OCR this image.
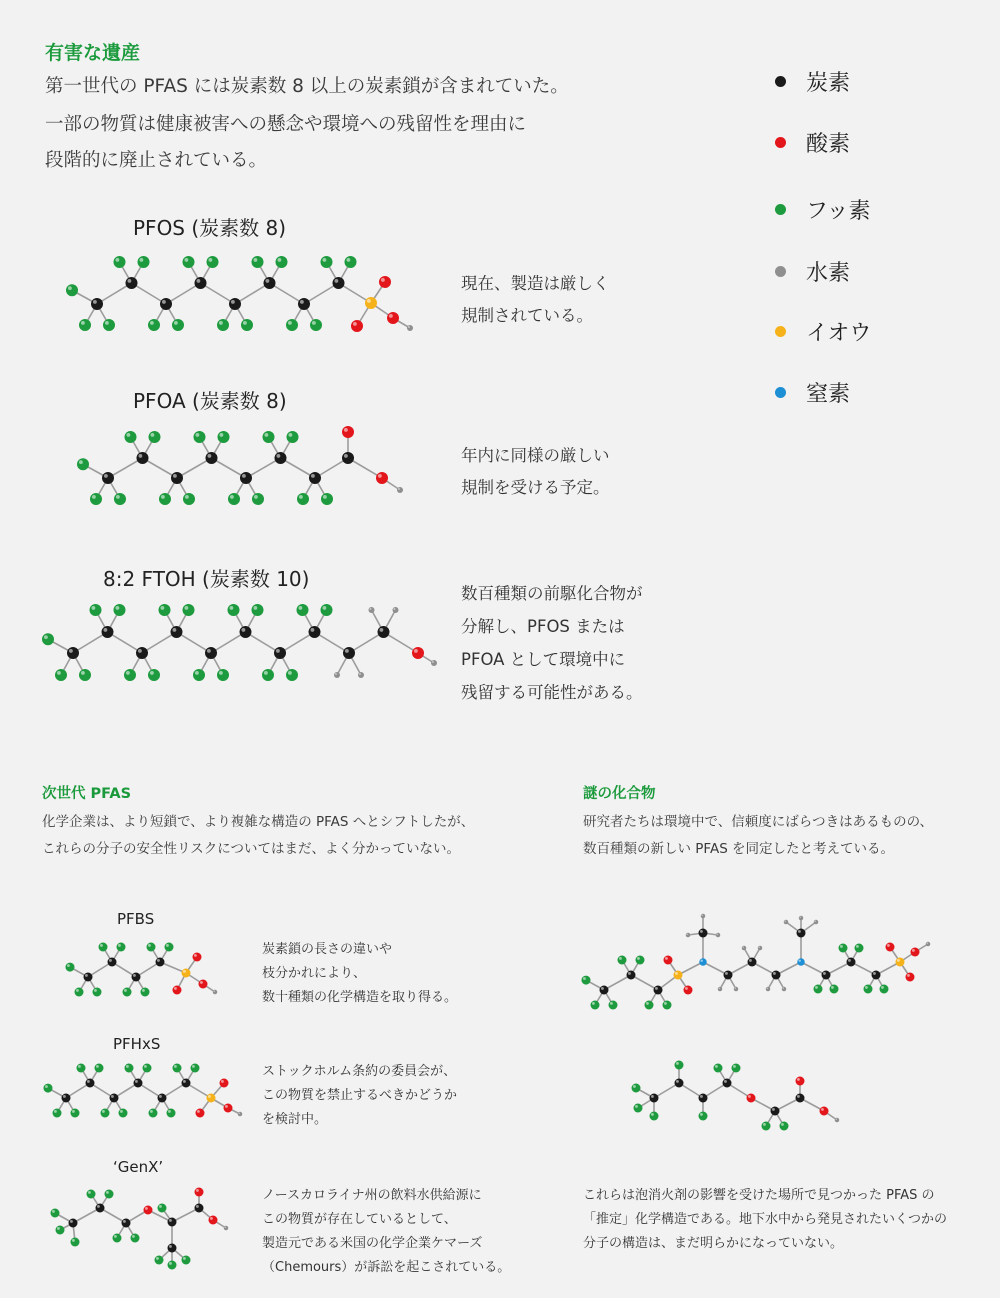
有害な遺産
第一世代の PFAS には炭素数 8 以上の炭素鎖が含まれていた。
一部の物質は健康被害への懸念や環境への残留性を理由に
段階的に廃止されている。
炭素
酸素
フッ素
水素
イオウ
窒素
PFOS (炭素数 8)
現在、製造は厳しく
規制されている。
PFOA (炭素数 8)
年内に同様の厳しい
規制を受ける予定。
8:2 FTOH (炭素数 10)
数百種類の前駆化合物が
分解し、PFOS または
PFOA として環境中に
残留する可能性がある。
次世代 PFAS
化学企業は、より短鎖で、より複雑な構造の PFAS へとシフトしたが、
これらの分子の安全性リスクについてはまだ、よく分かっていない。
PFBS
炭素鎖の長さの違いや
枝分かれにより、
数十種類の化学構造を取り得る。
PFHxS
ストックホルム条約の委員会が、
この物質を禁止するべきかどうか
を検討中。
‘GenX’
ノースカロライナ州の飲料水供給源に
この物質が存在しているとして、
製造元である米国の化学企業ケマーズ
（Chemours）が訴訟を起こされている。
謎の化合物
研究者たちは環境中で、信頼度にばらつきはあるものの、
数百種類の新しい PFAS を同定したと考えている。
これらは泡消火剤の影響を受けた場所で見つかった PFAS の
「推定」化学構造である。地下水中から発見されたいくつかの
分子の構造は、まだ明らかになっていない。
